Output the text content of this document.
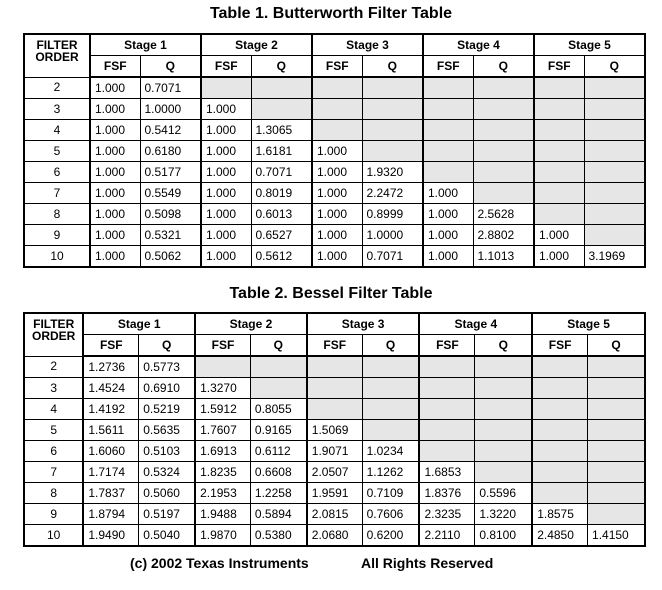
Table 1. Butterworth Filter Table
FILTER
ORDER	Stage 1		Stage 2		Stage 3		Stage 4		Stage 5	
	FSF	Q	FSF	Q	FSF	Q	FSF	Q	FSF	Q
2	1.000	0.7071								
3	1.000	1.0000	1.000							
4	1.000	0.5412	1.000	1.3065						
5	1.000	0.6180	1.000	1.6181	1.000					
6	1.000	0.5177	1.000	0.7071	1.000	1.9320				
7	1.000	0.5549	1.000	0.8019	1.000	2.2472	1.000			
8	1.000	0.5098	1.000	0.6013	1.000	0.8999	1.000	2.5628		
9	1.000	0.5321	1.000	0.6527	1.000	1.0000	1.000	2.8802	1.000	
10	1.000	0.5062	1.000	0.5612	1.000	0.7071	1.000	1.1013	1.000	3.1969
Table 2. Bessel Filter Table
FILTER
ORDER	Stage 1		Stage 2		Stage 3		Stage 4		Stage 5	
	FSF	Q	FSF	Q	FSF	Q	FSF	Q	FSF	Q
2	1.2736	0.5773								
3	1.4524	0.6910	1.3270							
4	1.4192	0.5219	1.5912	0.8055						
5	1.5611	0.5635	1.7607	0.9165	1.5069					
6	1.6060	0.5103	1.6913	0.6112	1.9071	1.0234				
7	1.7174	0.5324	1.8235	0.6608	2.0507	1.1262	1.6853			
8	1.7837	0.5060	2.1953	1.2258	1.9591	0.7109	1.8376	0.5596		
9	1.8794	0.5197	1.9488	0.5894	2.0815	0.7606	2.3235	1.3220	1.8575	
10	1.9490	0.5040	1.9870	0.5380	2.0680	0.6200	2.2110	0.8100	2.4850	1.4150
(c) 2002 Texas Instruments	All Rights Reserved
